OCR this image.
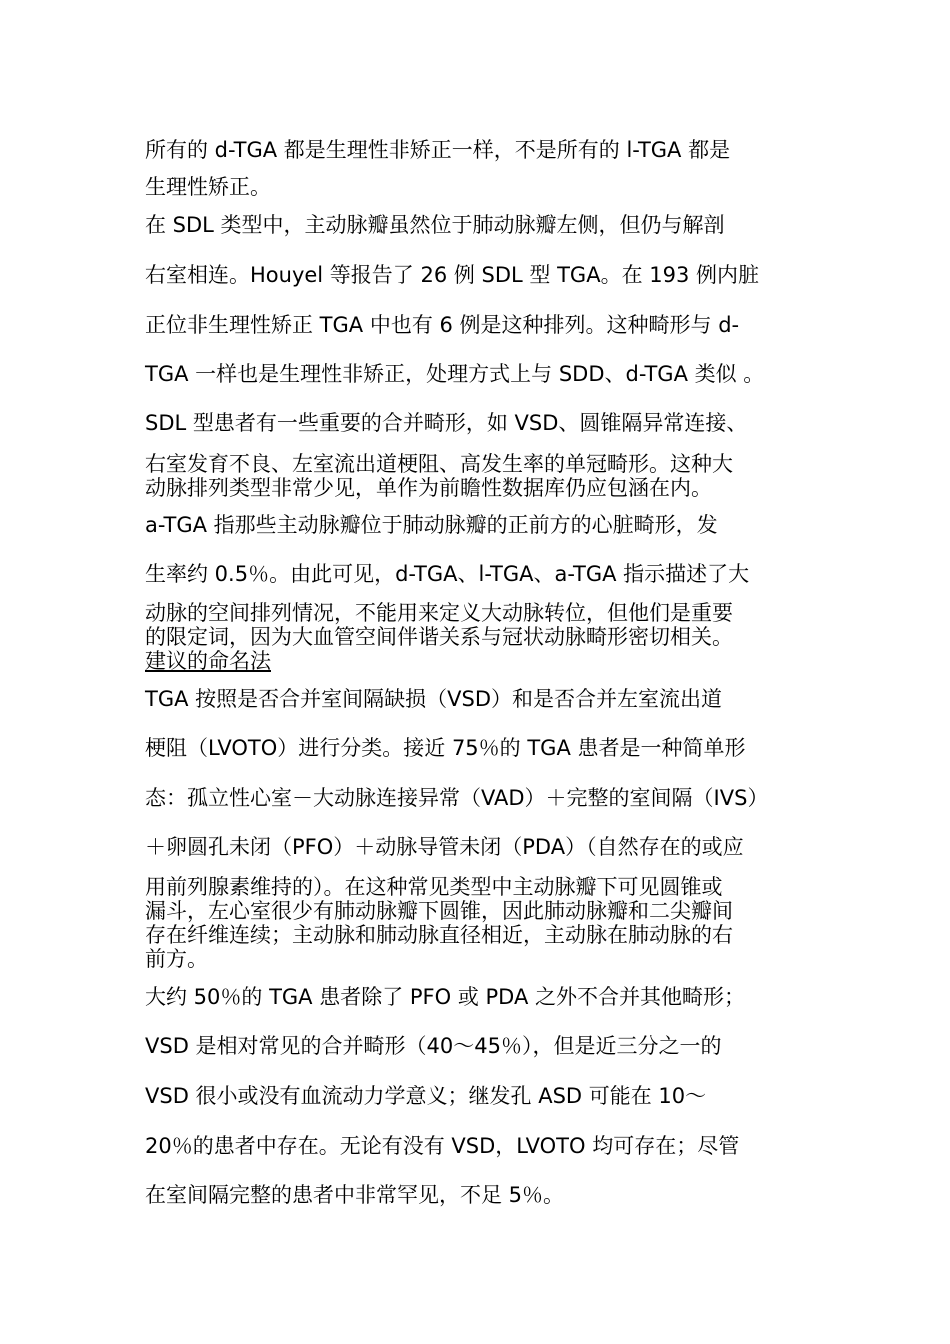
所有的 d-TGA 都是生理性非矫正一样，不是所有的 l-TGA 都是
生理性矫正。
在 SDL 类型中，主动脉瓣虽然位于肺动脉瓣左侧，但仍与解剖
右室相连。Houyel 等报告了 26 例 SDL 型 TGA。在 193 例内脏
正位非生理性矫正 TGA 中也有 6 例是这种排列。这种畸形与 d-
TGA 一样也是生理性非矫正，处理方式上与 SDD、d-TGA 类似 。
SDL 型患者有一些重要的合并畸形，如 VSD、圆锥隔异常连接、
右室发育不良、左室流出道梗阻、高发生率的单冠畸形。这种大
动脉排列类型非常少见，单作为前瞻性数据库仍应包涵在内。
a-TGA 指那些主动脉瓣位于肺动脉瓣的正前方的心脏畸形，发
生率约 0.5％。由此可见，d-TGA、l-TGA、a-TGA 指示描述了大
动脉的空间排列情况，不能用来定义大动脉转位，但他们是重要
的限定词，因为大血管空间伴谐关系与冠状动脉畸形密切相关。
建议的命名法
TGA 按照是否合并室间隔缺损（VSD）和是否合并左室流出道
梗阻（LVOTO）进行分类。接近 75％的 TGA 患者是一种简单形
态：孤立性心室－大动脉连接异常（VAD）＋完整的室间隔（IVS）
＋卵圆孔未闭（PFO）＋动脉导管未闭（PDA）（自然存在的或应
用前列腺素维持的）。在这种常见类型中主动脉瓣下可见圆锥或
漏斗，左心室很少有肺动脉瓣下圆锥，因此肺动脉瓣和二尖瓣间
存在纤维连续；主动脉和肺动脉直径相近，主动脉在肺动脉的右
前方。
大约 50％的 TGA 患者除了 PFO 或 PDA 之外不合并其他畸形；
VSD 是相对常见的合并畸形（40～45％），但是近三分之一的
VSD 很小或没有血流动力学意义；继发孔 ASD 可能在 10～
20％的患者中存在。无论有没有 VSD，LVOTO 均可存在；尽管
在室间隔完整的患者中非常罕见，不足 5％。
